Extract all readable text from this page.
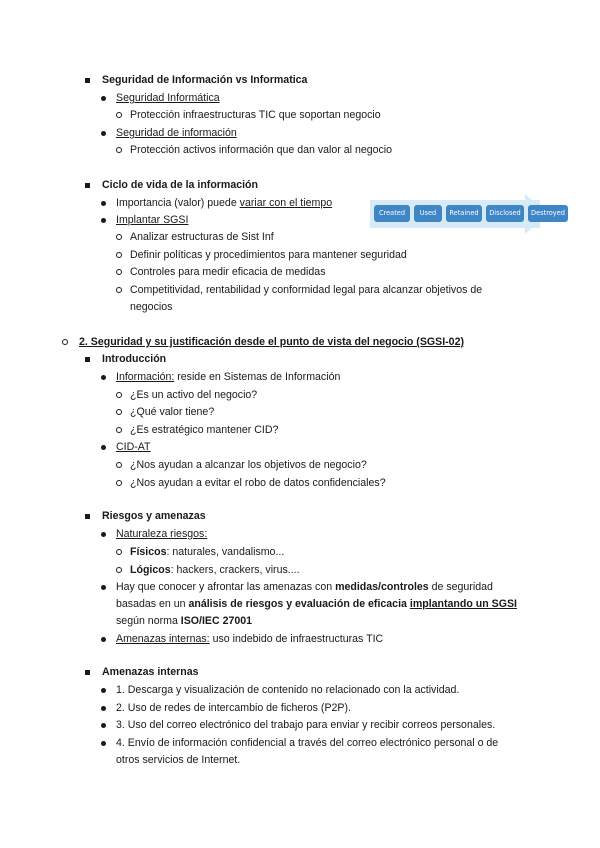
Seguridad de Información vs Informatica
Seguridad Informática
Protección infraestructuras TIC que soportan negocio
Seguridad de información
Protección activos información que dan valor al negocio
Ciclo de vida de la información
Importancia (valor) puede variar con el tiempo
Implantar SGSI
Analizar estructuras de Sist Inf
Definir políticas y procedimientos para mantener seguridad
Controles para medir eficacia de medidas
Competitividad, rentabilidad y conformidad legal para alcanzar objetivos de
negocios
Created	Used	Retained	Disclosed	Destroyed
2. Seguridad y su justificación desde el punto de vista del negocio (SGSI-02)
Introducción
Información: reside en Sistemas de Información
¿Es un activo del negocio?
¿Qué valor tiene?
¿Es estratégico mantener CID?
CID-AT
¿Nos ayudan a alcanzar los objetivos de negocio?
¿Nos ayudan a evitar el robo de datos confidenciales?
Riesgos y amenazas
Naturaleza riesgos:
Físicos: naturales, vandalismo...
Lógicos: hackers, crackers, virus....
Hay que conocer y afrontar las amenazas con medidas/controles de seguridad
basadas en un análisis de riesgos y evaluación de eficacia implantando un SGSI
según norma ISO/IEC 27001
Amenazas internas: uso indebido de infraestructuras TIC
Amenazas internas
1. Descarga y visualización de contenido no relacionado con la actividad.
2. Uso de redes de intercambio de ficheros (P2P).
3. Uso del correo electrónico del trabajo para enviar y recibir correos personales.
4. Envío de información confidencial a través del correo electrónico personal o de
otros servicios de Internet.
